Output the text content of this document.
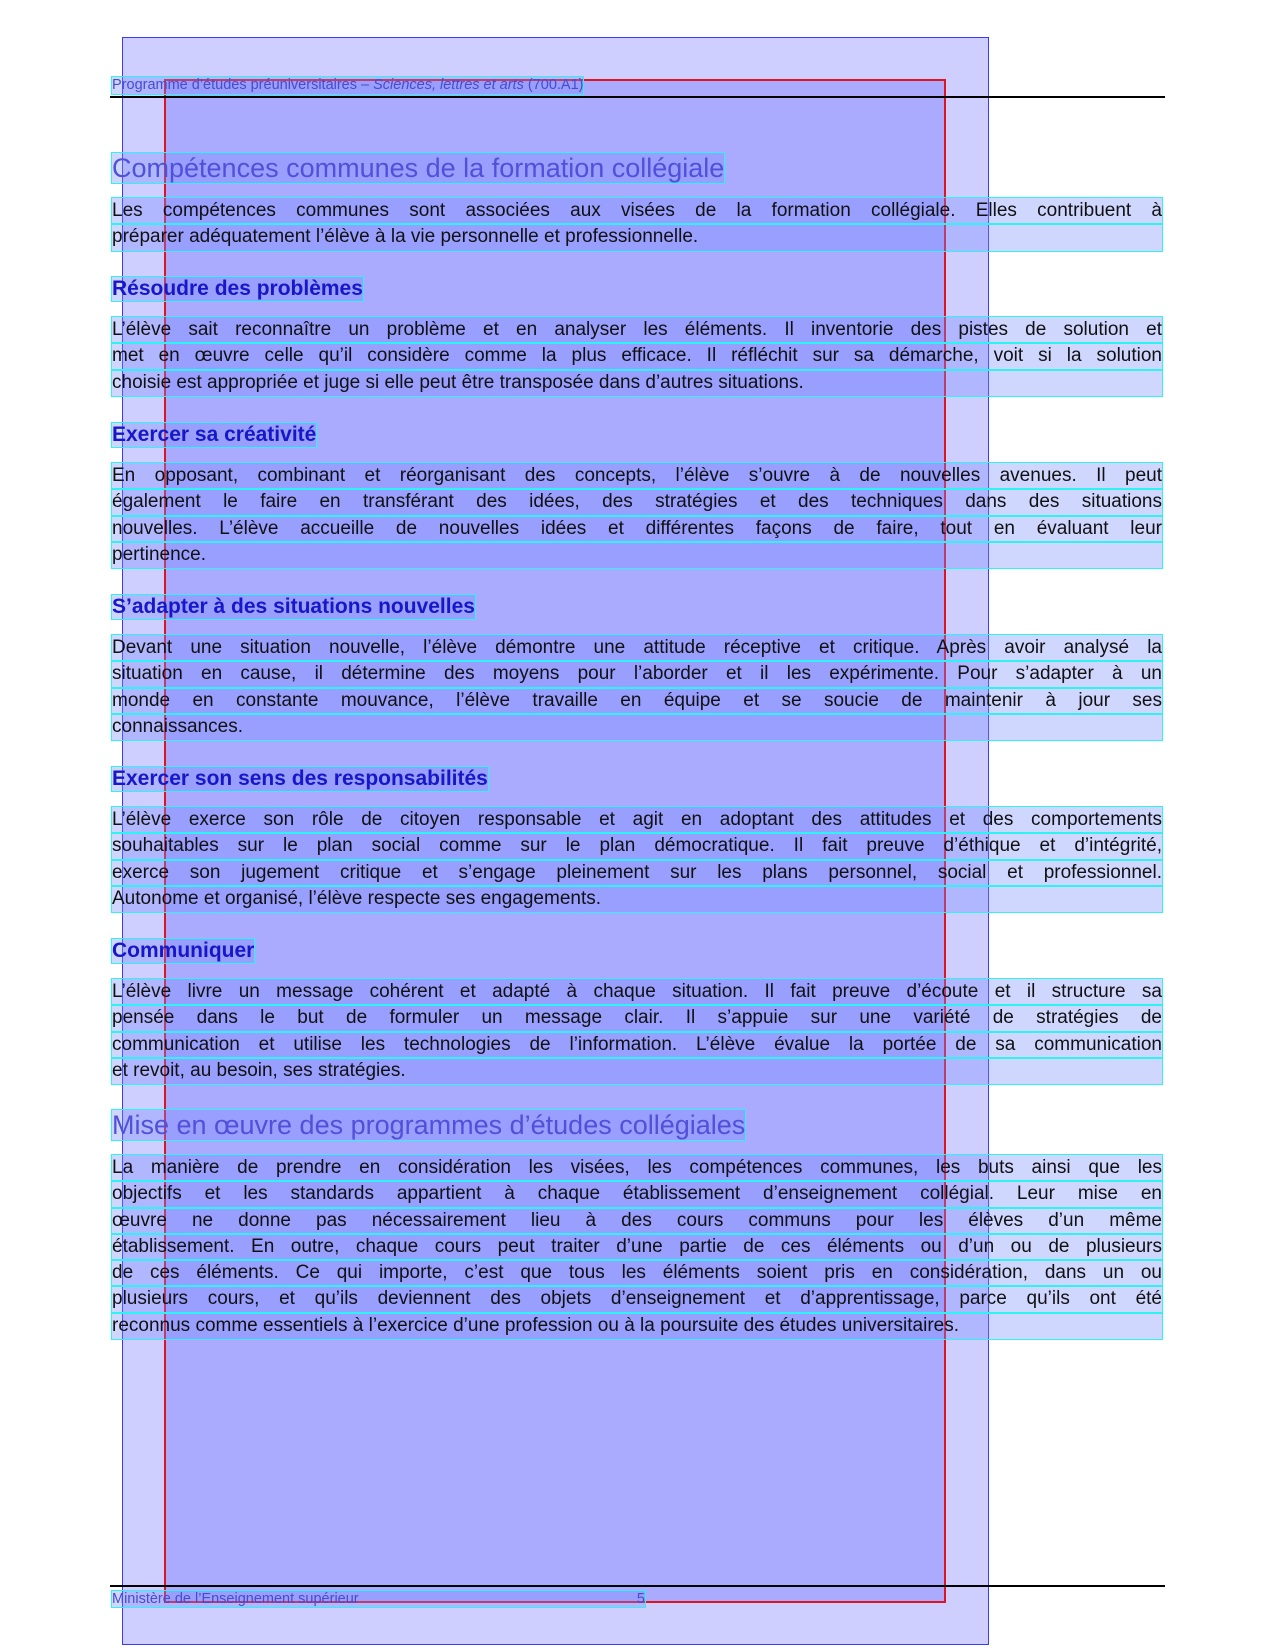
Programme d’études préuniversitaires – Sciences, lettres et arts (700.A1)
Compétences communes de la formation collégiale

Les compétences communes sont associées aux visées de la formation collégiale. Elles contribuent à
préparer adéquatement l’élève à la vie personnelle et professionnelle.

Résoudre des problèmes

L’élève sait reconnaître un problème et en analyser les éléments. Il inventorie des pistes de solution et
met en œuvre celle qu’il considère comme la plus efficace. Il réfléchit sur sa démarche, voit si la solution
choisie est appropriée et juge si elle peut être transposée dans d’autres situations.

Exercer sa créativité

En opposant, combinant et réorganisant des concepts, l’élève s’ouvre à de nouvelles avenues. Il peut
également le faire en transférant des idées, des stratégies et des techniques dans des situations
nouvelles. L’élève accueille de nouvelles idées et différentes façons de faire, tout en évaluant leur
pertinence.

S’adapter à des situations nouvelles

Devant une situation nouvelle, l’élève démontre une attitude réceptive et critique. Après avoir analysé la
situation en cause, il détermine des moyens pour l’aborder et il les expérimente. Pour s’adapter à un
monde en constante mouvance, l’élève travaille en équipe et se soucie de maintenir à jour ses
connaissances.

Exercer son sens des responsabilités

L’élève exerce son rôle de citoyen responsable et agit en adoptant des attitudes et des comportements
souhaitables sur le plan social comme sur le plan démocratique. Il fait preuve d’éthique et d’intégrité,
exerce son jugement critique et s’engage pleinement sur les plans personnel, social et professionnel.
Autonome et organisé, l’élève respecte ses engagements.

Communiquer

L’élève livre un message cohérent et adapté à chaque situation. Il fait preuve d’écoute et il structure sa
pensée dans le but de formuler un message clair. Il s’appuie sur une variété de stratégies de
communication et utilise les technologies de l’information. L’élève évalue la portée de sa communication
et revoit, au besoin, ses stratégies.

Mise en œuvre des programmes d’études collégiales

La manière de prendre en considération les visées, les compétences communes, les buts ainsi que les
objectifs et les standards appartient à chaque établissement d’enseignement collégial. Leur mise en
œuvre ne donne pas nécessairement lieu à des cours communs pour les élèves d’un même
établissement. En outre, chaque cours peut traiter d’une partie de ces éléments ou d’un ou de plusieurs
de ces éléments. Ce qui importe, c’est que tous les éléments soient pris en considération, dans un ou
plusieurs cours, et qu’ils deviennent des objets d’enseignement et d’apprentissage, parce qu’ils ont été
reconnus comme essentiels à l’exercice d’une profession ou à la poursuite des études universitaires.

Ministère de l’Enseignement supérieur	5
